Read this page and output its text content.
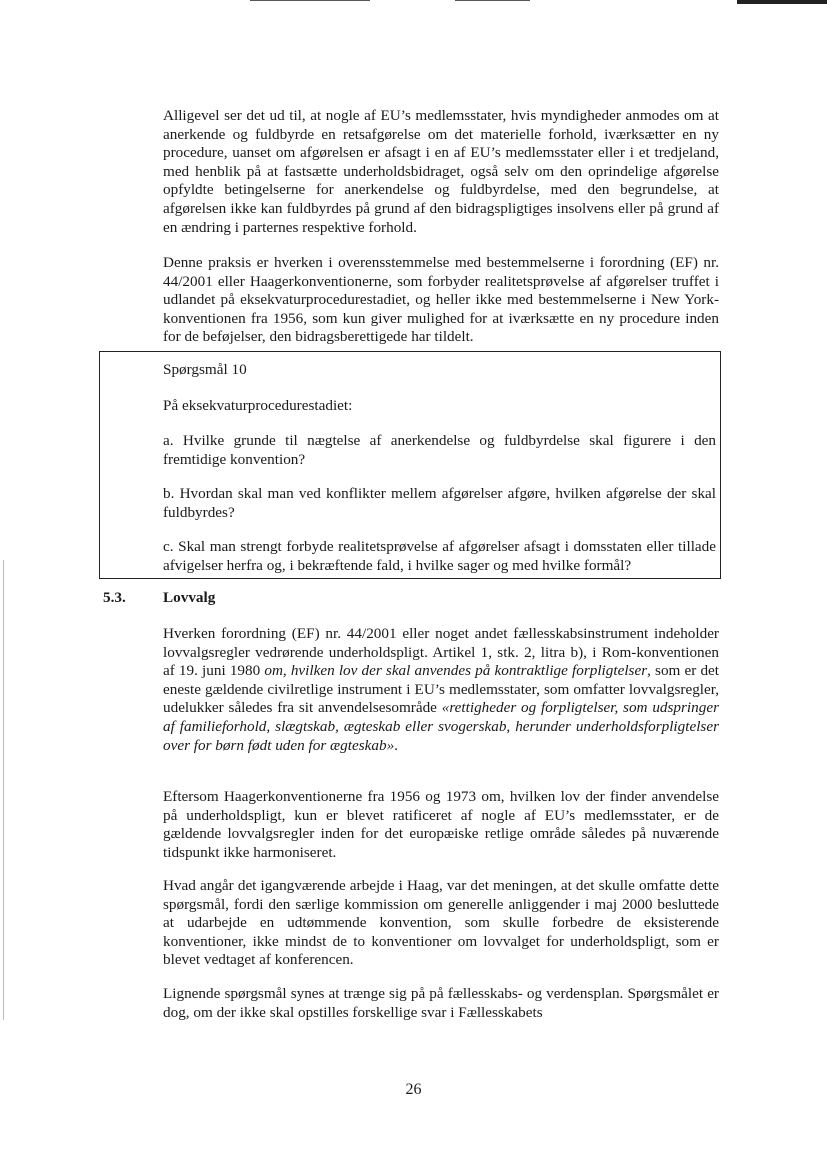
Alligevel ser det ud til, at nogle af EU’s medlemsstater, hvis myndigheder anmodes om at anerkende og fuldbyrde en retsafgørelse om det materielle forhold, iværksætter en ny procedure, uanset om afgørelsen er afsagt i en af EU’s medlemsstater eller i et tredjeland, med henblik på at fastsætte underholdsbidraget, også selv om den oprindelige afgørelse opfyldte betingelserne for anerkendelse og fuldbyrdelse, med den begrundelse, at afgørelsen ikke kan fuldbyrdes på grund af den bidragspligtiges insolvens eller på grund af en ændring i parternes respektive forhold.

Denne praksis er hverken i overensstemmelse med bestemmelserne i forordning (EF) nr. 44/2001 eller Haagerkonventionerne, som forbyder realitetsprøvelse af afgørelser truffet i udlandet på eksekvaturprocedurestadiet, og heller ikke med bestemmelserne i New York-konventionen fra 1956, som kun giver mulighed for at iværksætte en ny procedure inden for de beføjelser, den bidragsberettigede har tildelt.

Spørgsmål 10

På eksekvaturprocedurestadiet:

a. Hvilke grunde til nægtelse af anerkendelse og fuldbyrdelse skal figurere i den fremtidige konvention?

b. Hvordan skal man ved konflikter mellem afgørelser afgøre, hvilken afgørelse der skal fuldbyrdes?

c. Skal man strengt forbyde realitetsprøvelse af afgørelser afsagt i domsstaten eller tillade afvigelser herfra og, i bekræftende fald, i hvilke sager og med hvilke formål?

5.3. Lovvalg

Hverken forordning (EF) nr. 44/2001 eller noget andet fællesskabsinstrument indeholder lovvalgsregler vedrørende underholdspligt. Artikel 1, stk. 2, litra b), i Rom-konventionen af 19. juni 1980 om, hvilken lov der skal anvendes på kontraktlige forpligtelser, som er det eneste gældende civilretlige instrument i EU’s medlemsstater, som omfatter lovvalgsregler, udelukker således fra sit anvendelsesområde «rettigheder og forpligtelser, som udspringer af familieforhold, slægtskab, ægteskab eller svogerskab, herunder underholdsforpligtelser over for børn født uden for ægteskab».

Eftersom Haagerkonventionerne fra 1956 og 1973 om, hvilken lov der finder anvendelse på underholdspligt, kun er blevet ratificeret af nogle af EU’s medlemsstater, er de gældende lovvalgsregler inden for det europæiske retlige område således på nuværende tidspunkt ikke harmoniseret.

Hvad angår det igangværende arbejde i Haag, var det meningen, at det skulle omfatte dette spørgsmål, fordi den særlige kommission om generelle anliggender i maj 2000 besluttede at udarbejde en udtømmende konvention, som skulle forbedre de eksisterende konventioner, ikke mindst de to konventioner om lovvalget for underholdspligt, som er blevet vedtaget af konferencen.

Lignende spørgsmål synes at trænge sig på på fællesskabs- og verdensplan. Spørgsmålet er dog, om der ikke skal opstilles forskellige svar i Fællesskabets

26
